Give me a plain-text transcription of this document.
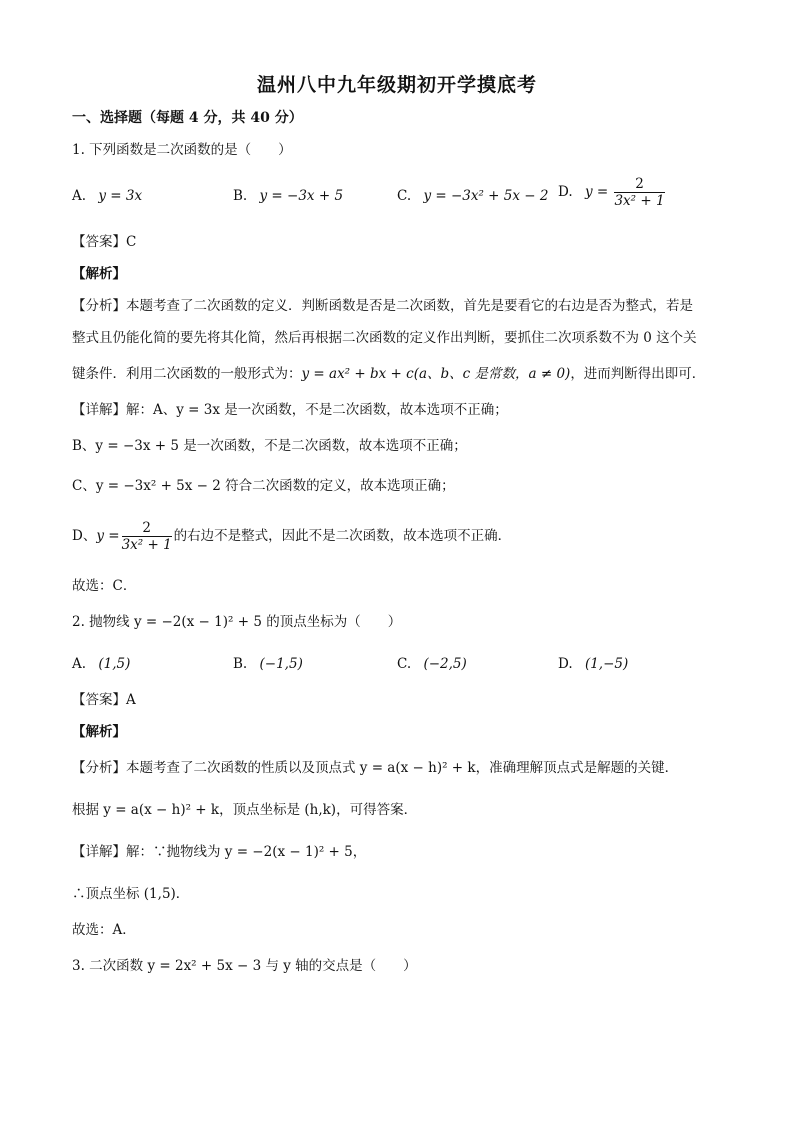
温州八中九年级期初开学摸底考
一、选择题（每题 4 分，共 40 分）
1. 下列函数是二次函数的是（　　）
A. y = 3x	B. y = −3x + 5	C. y = −3x² + 5x − 2 D. $y = \frac{2}{\text{3x² + 1}}$
【答案】C
【解析】
【分析】本题考查了二次函数的定义．判断函数是否是二次函数，首先是要看它的右边是否为整式，若是
整式且仍能化简的要先将其化简，然后再根据二次函数的定义作出判断，要抓住二次项系数不为 0 这个关
键条件．利用二次函数的一般形式为：y = ax² + bx + c(a、b、c 是常数，a ≠ 0)，进而判断得出即可．
【详解】解：A、y = 3x 是一次函数，不是二次函数，故本选项不正确；
B、y = −3x + 5 是一次函数，不是二次函数，故本选项不正确；
C、y = −3x² + 5x − 2 符合二次函数的定义，故本选项正确；
D、$y = \frac{2}{\text{3x² + 1}}$ 的右边不是整式，因此不是二次函数，故本选项不正确．
故选：C．
2. 抛物线 y = −2(x − 1)² + 5 的顶点坐标为（　　）
A. (1,5)	B. (−1,5)	C. (−2,5)	D. (1,−5)
【答案】A
【解析】
【分析】本题考查了二次函数的性质以及顶点式 y = a(x − h)² + k，准确理解顶点式是解题的关键．
根据 y = a(x − h)² + k，顶点坐标是 (h,k)，可得答案．
【详解】解：∵抛物线为 y = −2(x − 1)² + 5，
∴顶点坐标 (1,5)．
故选：A．
3. 二次函数 y = 2x² + 5x − 3 与 y 轴的交点是（　　）
